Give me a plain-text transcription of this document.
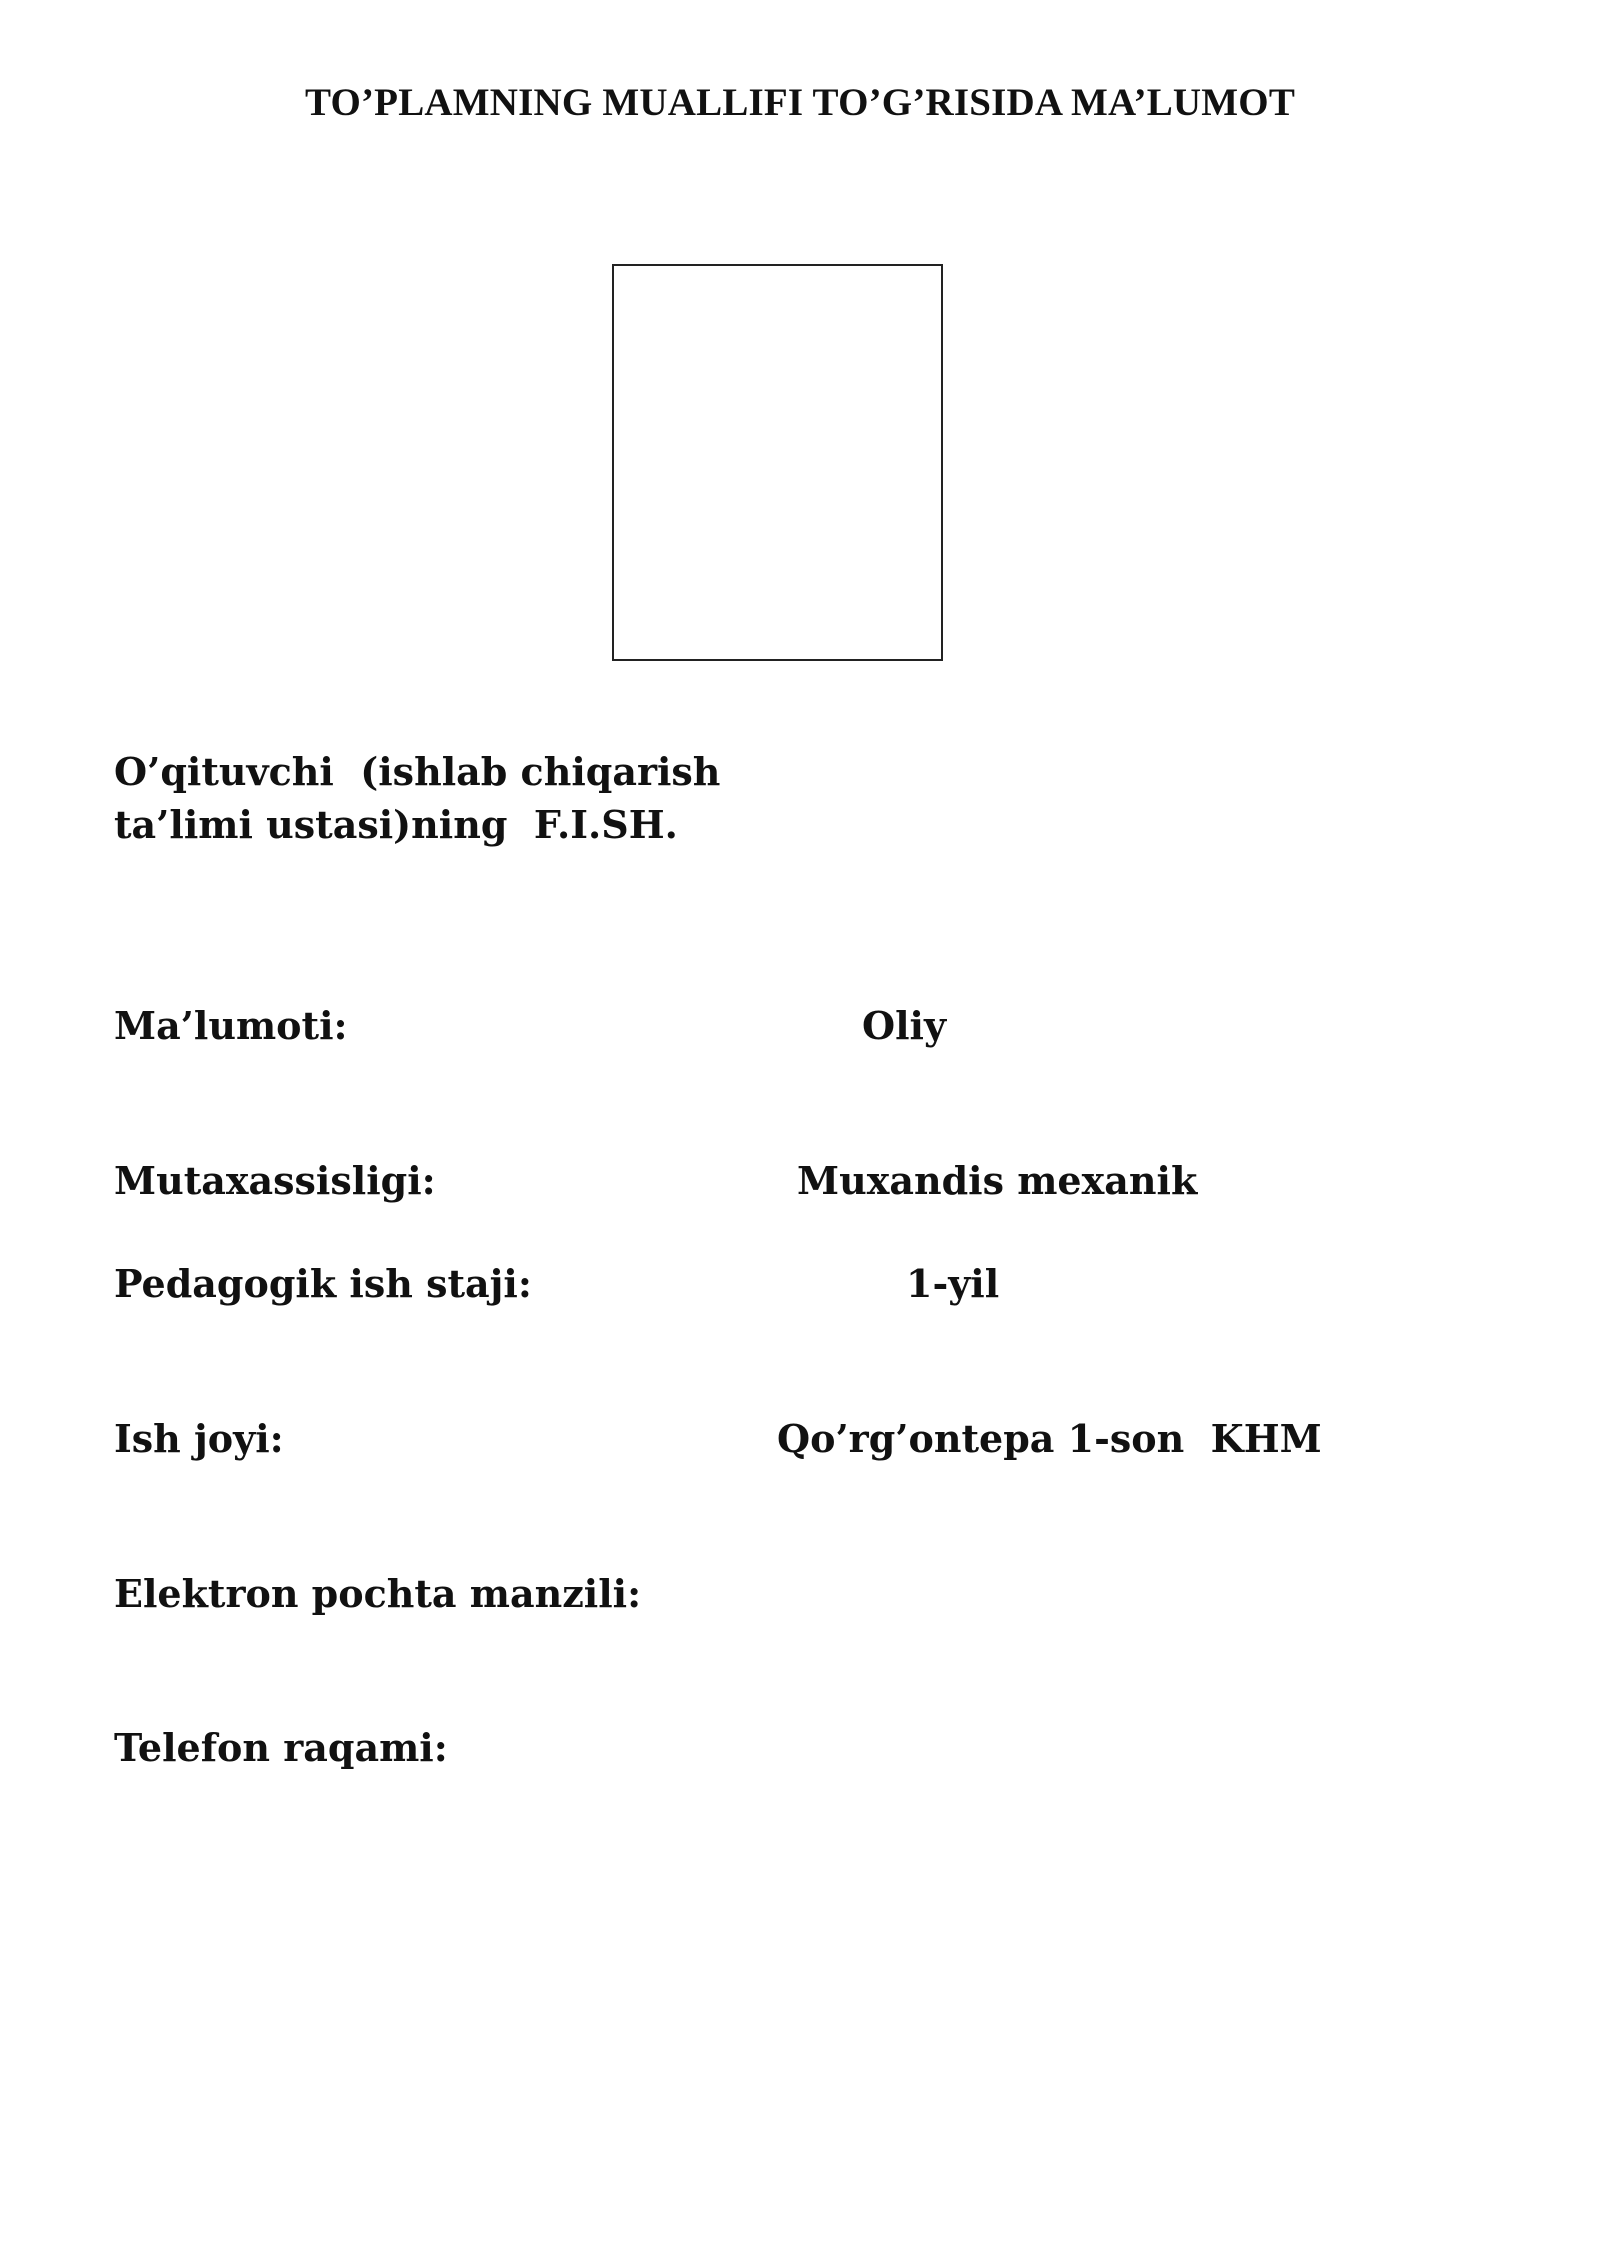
TO’PLAMNING MUALLIFI TO’G’RISIDA MA’LUMOT

O’qituvchi  (ishlab chiqarish
ta’limi ustasi)ning  F.I.SH.

Ma’lumoti:	Oliy
Mutaxassisligi:	Muxandis mexanik
Pedagogik ish staji:	1-yil
Ish joyi:	Qo’rg’ontepa 1-son  KHM
Elektron pochta manzili:
Telefon raqami:
